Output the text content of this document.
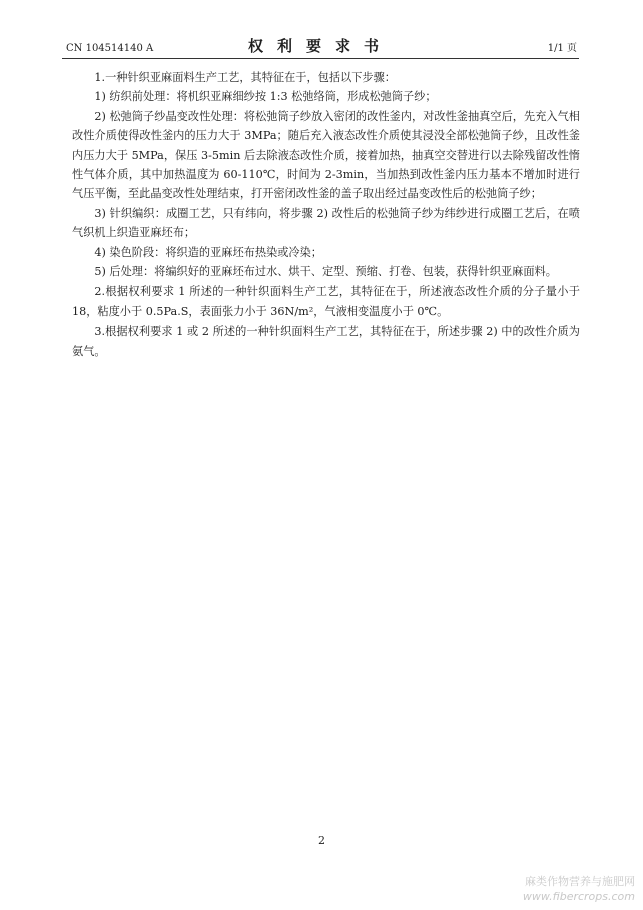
CN 104514140 A	权利要求书	1/1 页

1.一种针织亚麻面料生产工艺，其特征在于，包括以下步骤：

1) 纺织前处理：将机织亚麻细纱按 1:3 松弛络筒，形成松弛筒子纱；

2) 松弛筒子纱晶变改性处理：将松弛筒子纱放入密闭的改性釜内，对改性釜抽真空后，先充入气相改性介质使得改性釜内的压力大于 3MPa；随后充入液态改性介质使其浸没全部松弛筒子纱，且改性釜内压力大于 5MPa，保压 3-5min 后去除液态改性介质，接着加热，抽真空交替进行以去除残留改性惰性气体介质，其中加热温度为 60-110℃，时间为 2-3min，当加热到改性釜内压力基本不增加时进行气压平衡，至此晶变改性处理结束，打开密闭改性釜的盖子取出经过晶变改性后的松弛筒子纱；

3) 针织编织：成圈工艺，只有纬向，将步骤 2) 改性后的松弛筒子纱为纬纱进行成圈工艺后，在喷气织机上织造亚麻坯布；

4) 染色阶段：将织造的亚麻坯布热染或冷染；

5) 后处理：将编织好的亚麻坯布过水、烘干、定型、预缩、打卷、包装，获得针织亚麻面料。

2.根据权利要求 1 所述的一种针织面料生产工艺，其特征在于，所述液态改性介质的分子量小于 18，粘度小于 0.5Pa.S，表面张力小于 36N/m²，气液相变温度小于 0℃。

3.根据权利要求 1 或 2 所述的一种针织面料生产工艺，其特征在于，所述步骤 2) 中的改性介质为氨气。

2
麻类作物营养与施肥网
www.fibercrops.com
